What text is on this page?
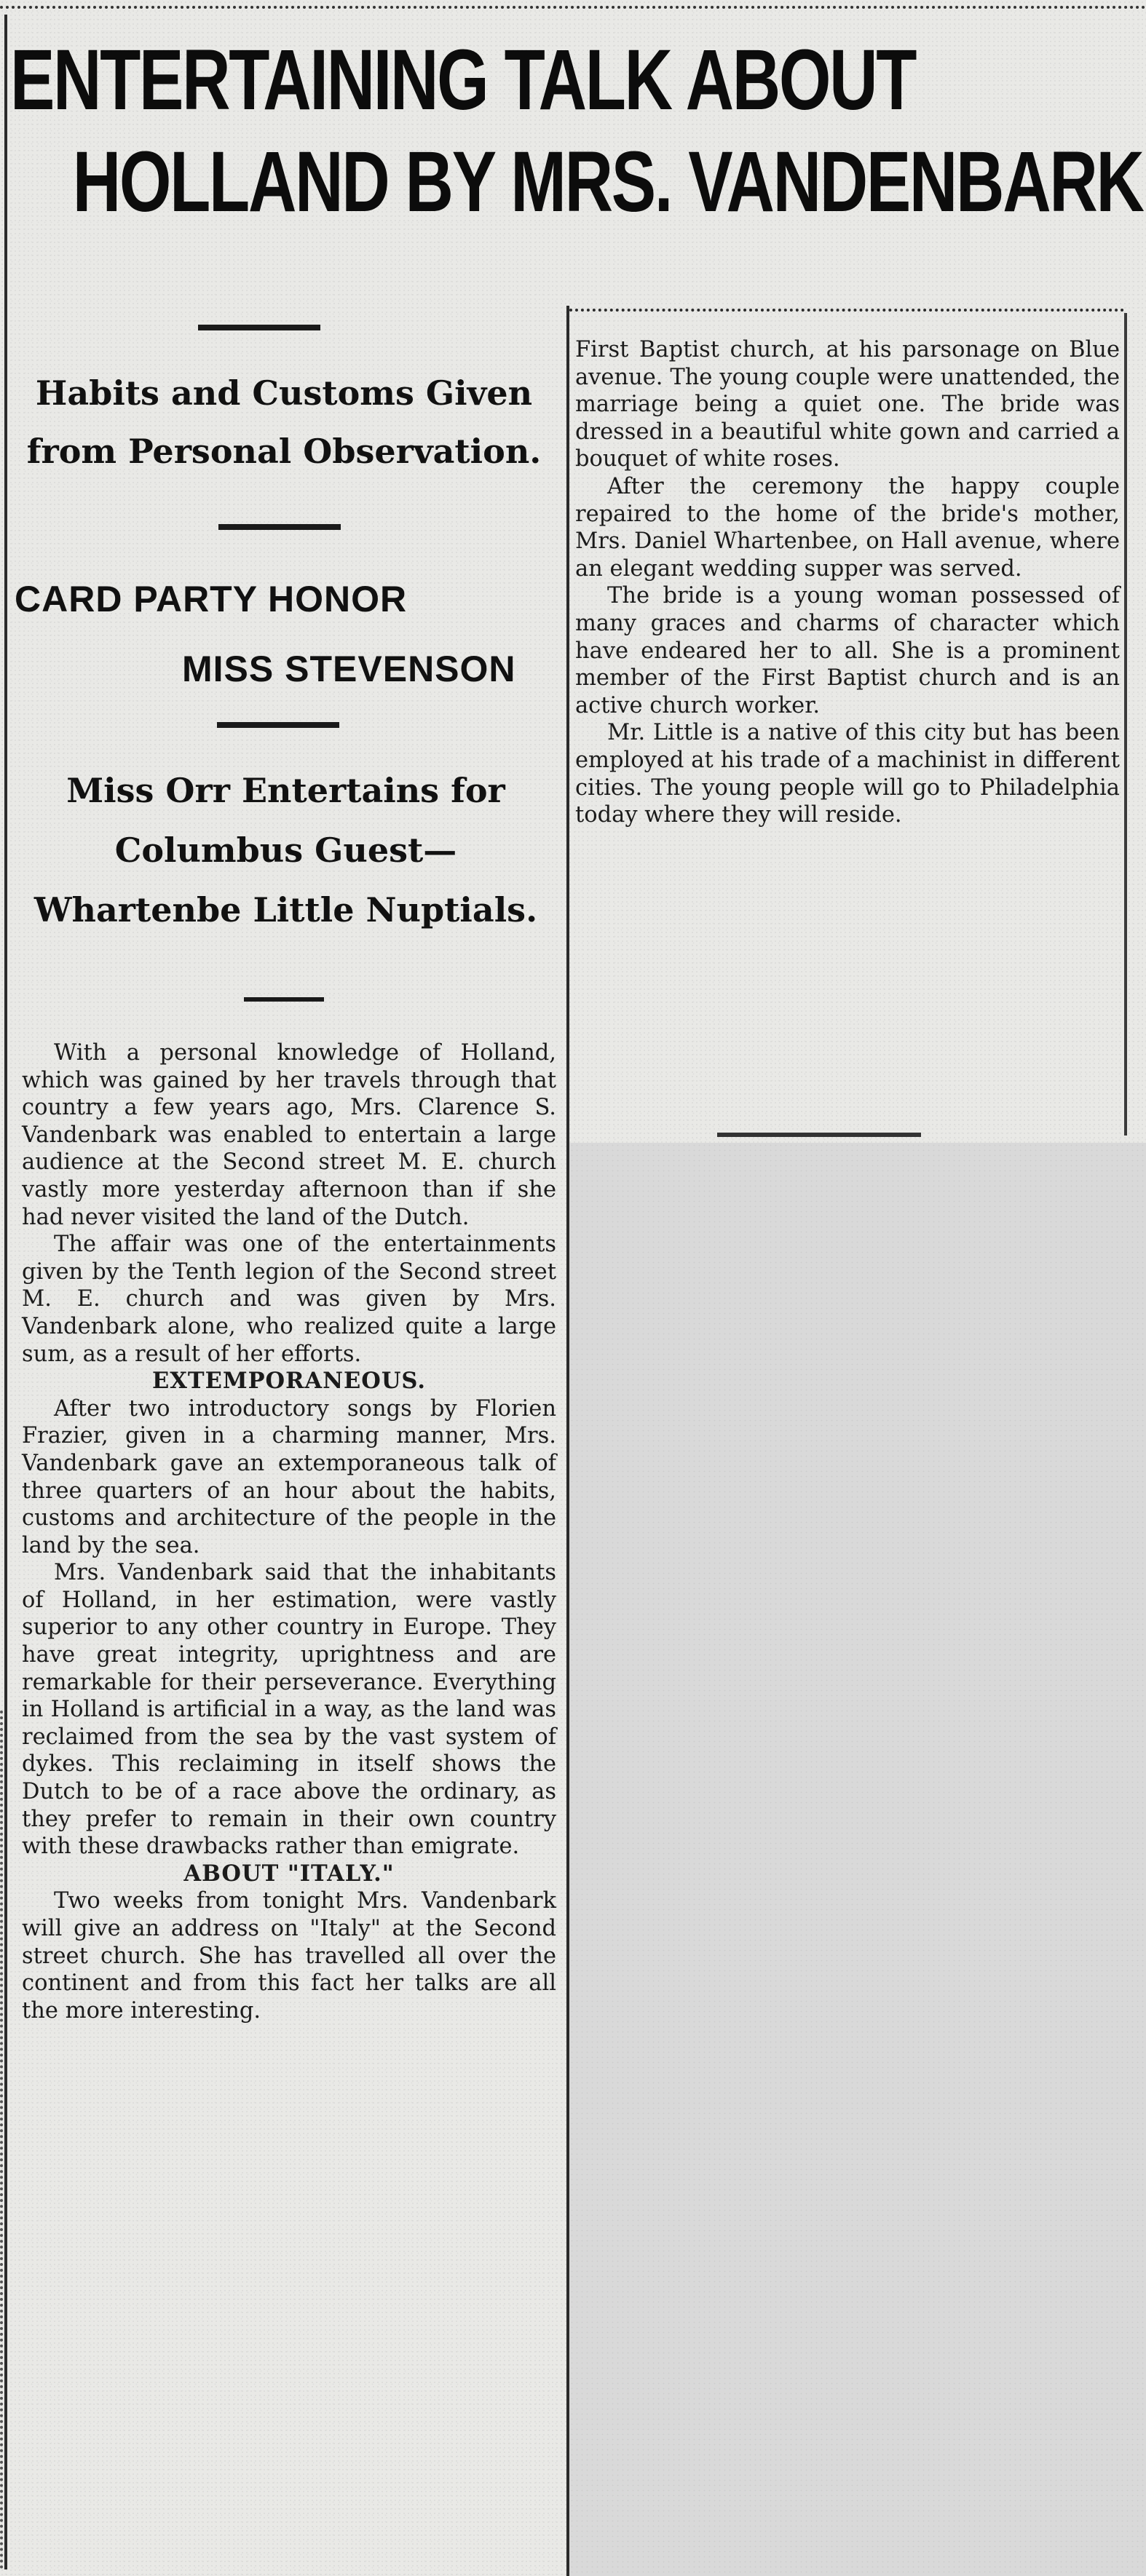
ENTERTAINING TALK ABOUT
HOLLAND BY MRS. VANDENBARK
Habits and Customs Given from Personal Observation.
CARD PARTY HONOR
MISS STEVENSON
Miss Orr Entertains for Columbus Guest—Whartenbe Little Nuptials.

With a personal knowledge of Holland, which was gained by her travels through that country a few years ago, Mrs. Clarence S. Vandenbark was enabled to entertain a large audience at the Second street M. E. church vastly more yesterday afternoon than if she had never visited the land of the Dutch.

The affair was one of the entertainments given by the Tenth legion of the Second street M. E. church and was given by Mrs. Vandenbark alone, who realized quite a large sum, as a result of her efforts.

EXTEMPORANEOUS.

After two introductory songs by Florien Frazier, given in a charming manner, Mrs. Vandenbark gave an extemporaneous talk of three quarters of an hour about the habits, customs and architecture of the people in the land by the sea.

Mrs. Vandenbark said that the inhabitants of Holland, in her estimation, were vastly superior to any other country in Europe. They have great integrity, uprightness and are remarkable for their perseverance. Everything in Holland is artificial in a way, as the land was reclaimed from the sea by the vast system of dykes. This reclaiming in itself shows the Dutch to be of a race above the ordinary, as they prefer to remain in their own country with these drawbacks rather than emigrate.

ABOUT "ITALY."

Two weeks from tonight Mrs. Vandenbark will give an address on "Italy" at the Second street church. She has travelled all over the continent and from this fact her talks are all the more interesting.

First Baptist church, at his parsonage on Blue avenue. The young couple were unattended, the marriage being a quiet one. The bride was dressed in a beautiful white gown and carried a bouquet of white roses.

After the ceremony the happy couple repaired to the home of the bride's mother, Mrs. Daniel Whartenbee, on Hall avenue, where an elegant wedding supper was served.

The bride is a young woman possessed of many graces and charms of character which have endeared her to all. She is a prominent member of the First Baptist church and is an active church worker.

Mr. Little is a native of this city but has been employed at his trade of a machinist in different cities. The young people will go to Philadelphia today where they will reside.
